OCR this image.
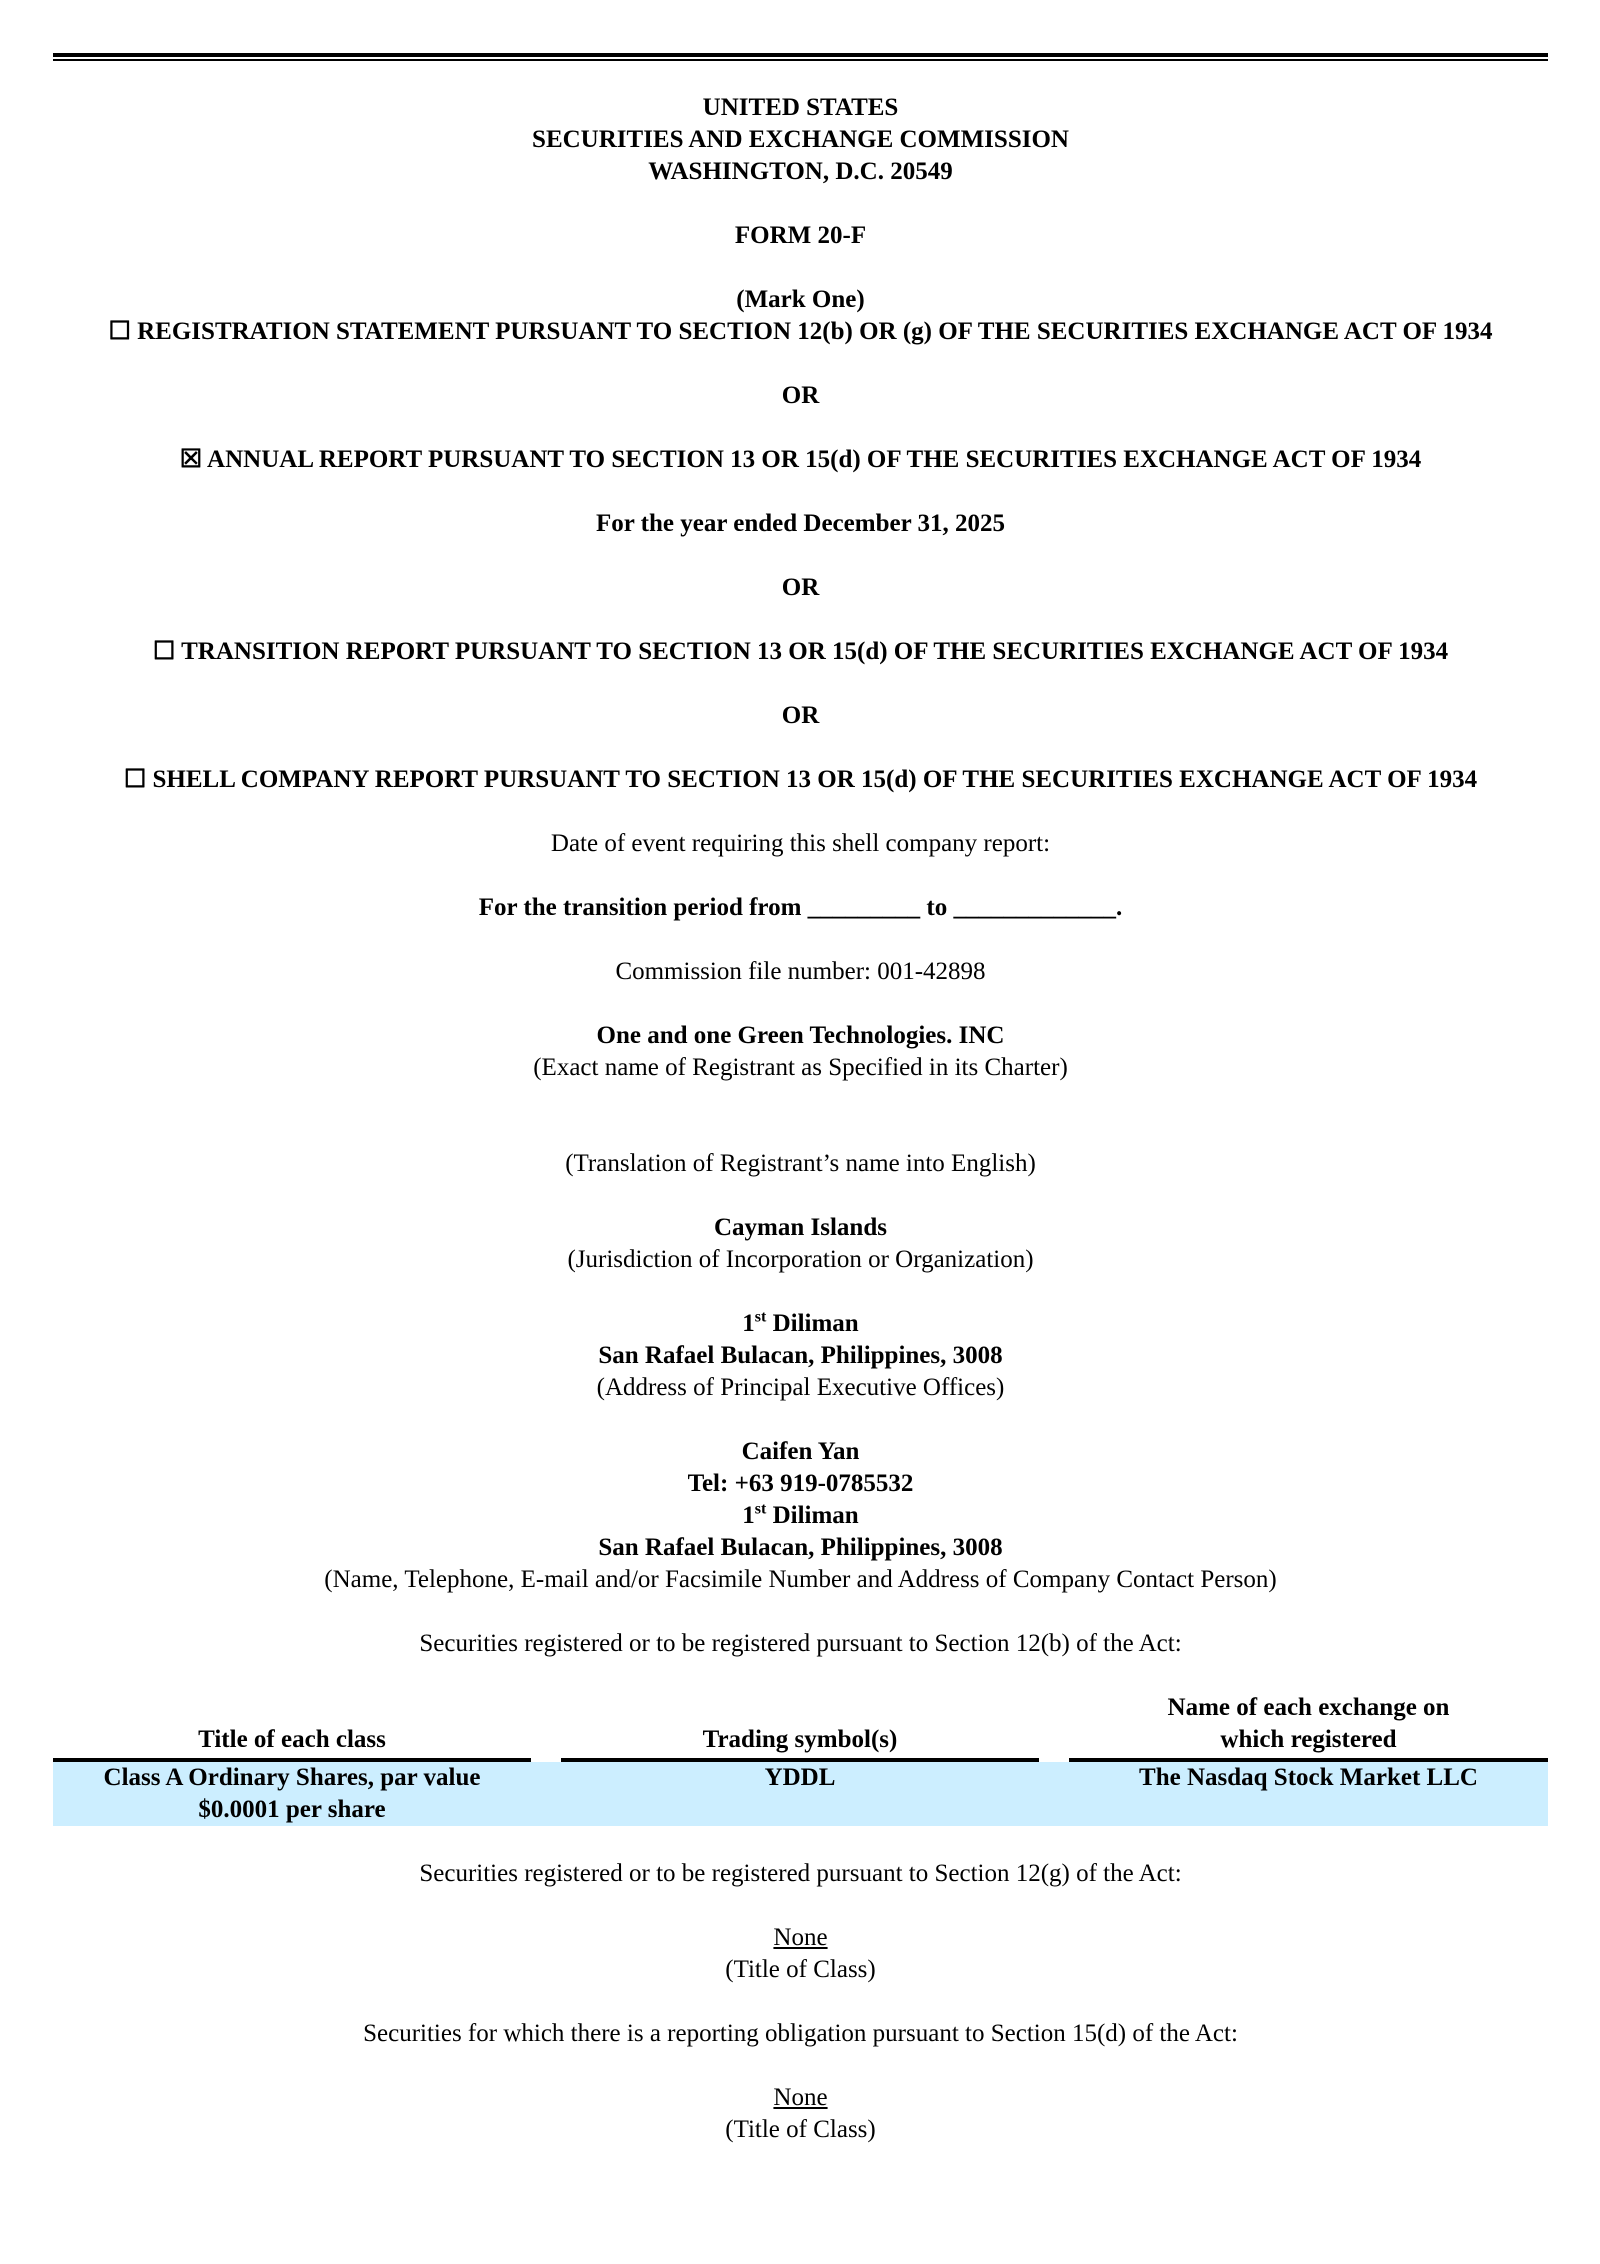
UNITED STATES
SECURITIES AND EXCHANGE COMMISSION
WASHINGTON, D.C. 20549
FORM 20-F
(Mark One)
☐ REGISTRATION STATEMENT PURSUANT TO SECTION 12(b) OR (g) OF THE SECURITIES EXCHANGE ACT OF 1934
OR
☒ ANNUAL REPORT PURSUANT TO SECTION 13 OR 15(d) OF THE SECURITIES EXCHANGE ACT OF 1934
For the year ended December 31, 2025
OR
☐ TRANSITION REPORT PURSUANT TO SECTION 13 OR 15(d) OF THE SECURITIES EXCHANGE ACT OF 1934
OR
☐ SHELL COMPANY REPORT PURSUANT TO SECTION 13 OR 15(d) OF THE SECURITIES EXCHANGE ACT OF 1934
Date of event requiring this shell company report:
For the transition period from _________ to _____________.
Commission file number: 001-42898
One and one Green Technologies. INC
(Exact name of Registrant as Specified in its Charter)
(Translation of Registrant’s name into English)
Cayman Islands
(Jurisdiction of Incorporation or Organization)
1st Diliman
San Rafael Bulacan, Philippines, 3008
(Address of Principal Executive Offices)
Caifen Yan
Tel: +63 919-0785532
1st Diliman
San Rafael Bulacan, Philippines, 3008
(Name, Telephone, E-mail and/or Facsimile Number and Address of Company Contact Person)
Securities registered or to be registered pursuant to Section 12(b) of the Act:
Title of each class		Trading symbol(s)		Name of each exchange on
which registered

Class A Ordinary Shares, par value
$0.0001 per share		YDDL		The Nasdaq Stock Market LLC
Securities registered or to be registered pursuant to Section 12(g) of the Act:
None
(Title of Class)
Securities for which there is a reporting obligation pursuant to Section 15(d) of the Act:
None
(Title of Class)
